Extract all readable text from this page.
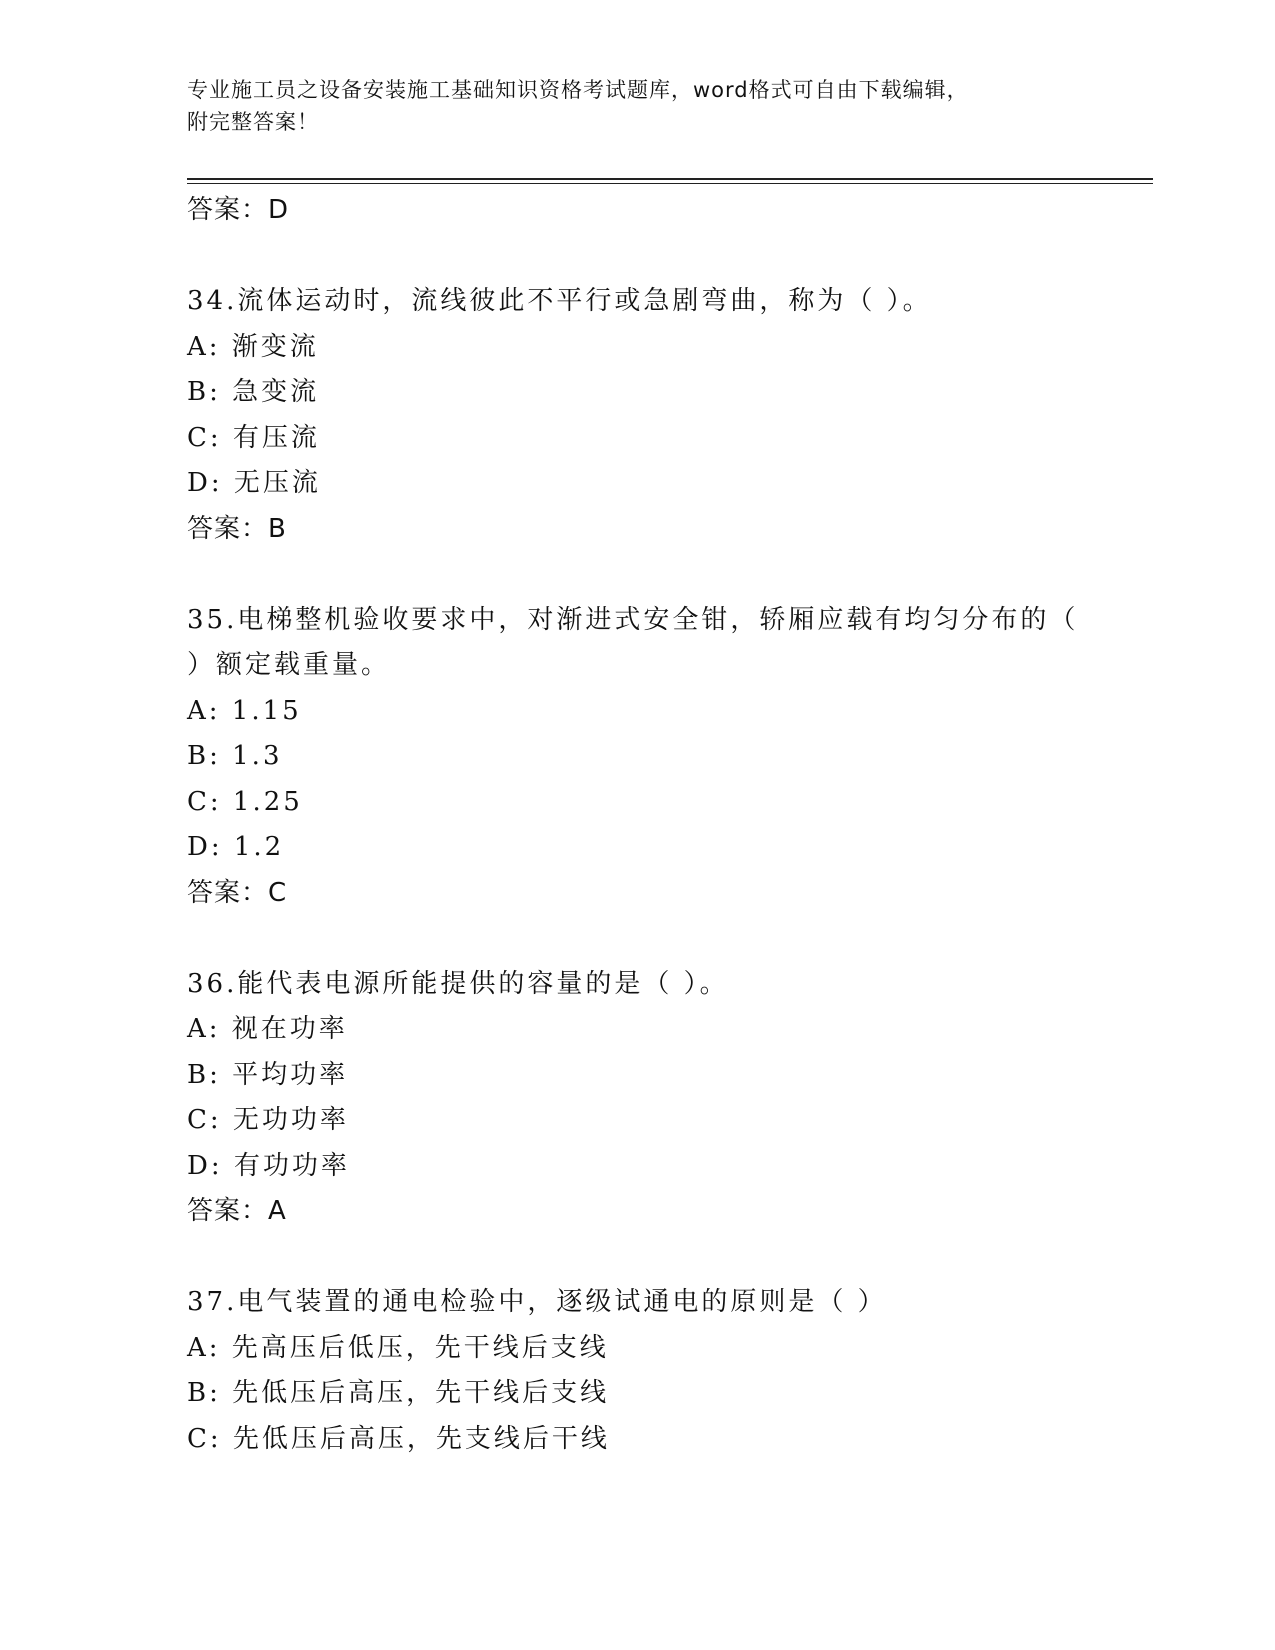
专业施工员之设备安装施工基础知识资格考试题库，word格式可自由下载编辑，
附完整答案！
答案：D
34.流体运动时，流线彼此不平行或急剧弯曲，称为（ ）。
A: 渐变流
B: 急变流
C: 有压流
D: 无压流
答案：B
35.电梯整机验收要求中，对渐进式安全钳，轿厢应载有均匀分布的（
）额定载重量。
A: 1.15
B: 1.3
C: 1.25
D: 1.2
答案：C
36.能代表电源所能提供的容量的是（ ）。
A: 视在功率
B: 平均功率
C: 无功功率
D: 有功功率
答案：A
37.电气装置的通电检验中，逐级试通电的原则是（ ）
A: 先高压后低压，先干线后支线
B: 先低压后高压，先干线后支线
C: 先低压后高压，先支线后干线
